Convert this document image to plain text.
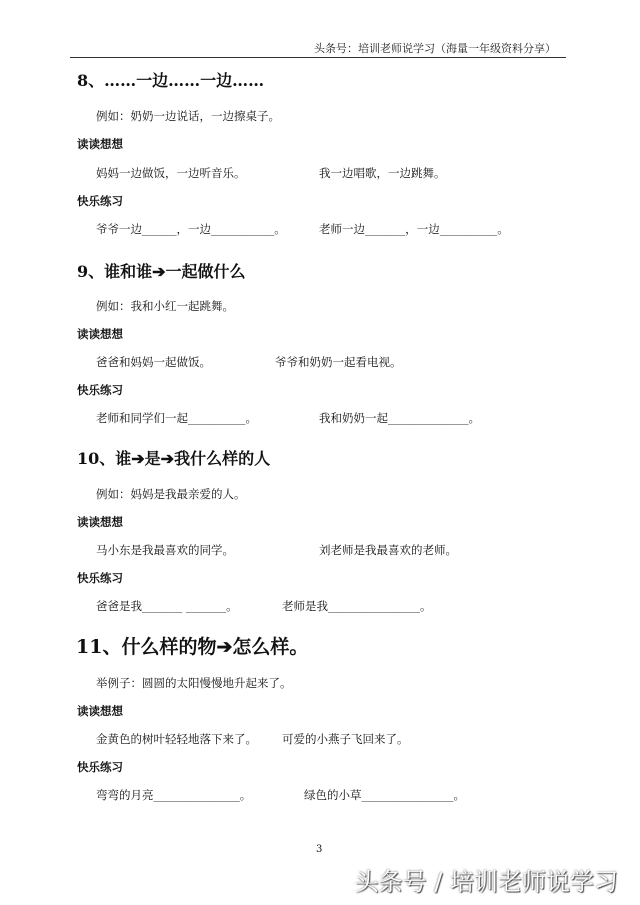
头条号：培训老师说学习（海量一年级资料分享）
8、……一边……一边……
例如：奶奶一边说话，一边擦桌子。
读读想想
妈妈一边做饭，一边听音乐。	我一边唱歌，一边跳舞。
快乐练习
爷爷一边______，一边___________。	老师一边_______，一边__________。
9、谁和谁➔一起做什么
例如：我和小红一起跳舞。
读读想想
爸爸和妈妈一起做饭。	爷爷和奶奶一起看电视。
快乐练习
老师和同学们一起__________。	我和奶奶一起______________。
10、谁➔是➔我什么样的人
例如：妈妈是我最亲爱的人。
读读想想
马小东是我最喜欢的同学。	刘老师是我最喜欢的老师。
快乐练习
爸爸是我_______ _______。	老师是我________________。
11、什么样的物➔怎么样。
举例子：圆圆的太阳慢慢地升起来了。
读读想想
金黄色的树叶轻轻地落下来了。 可爱的小燕子飞回来了。
快乐练习
弯弯的月亮_______________。	绿色的小草________________。
3
头条号 / 培训老师说学习
